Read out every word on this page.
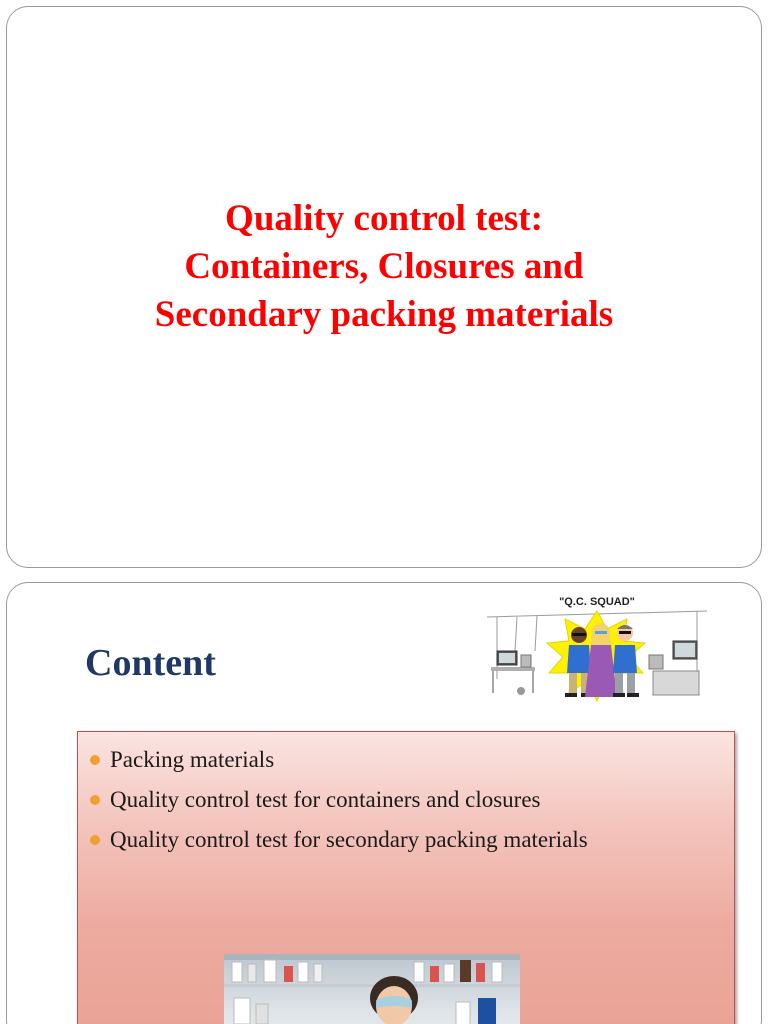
Quality control test:
Containers, Closures and
Secondary packing materials
Content
"Q.C. SQUAD"
Packing materials
Quality control test for containers and closures
Quality control test for secondary packing materials
